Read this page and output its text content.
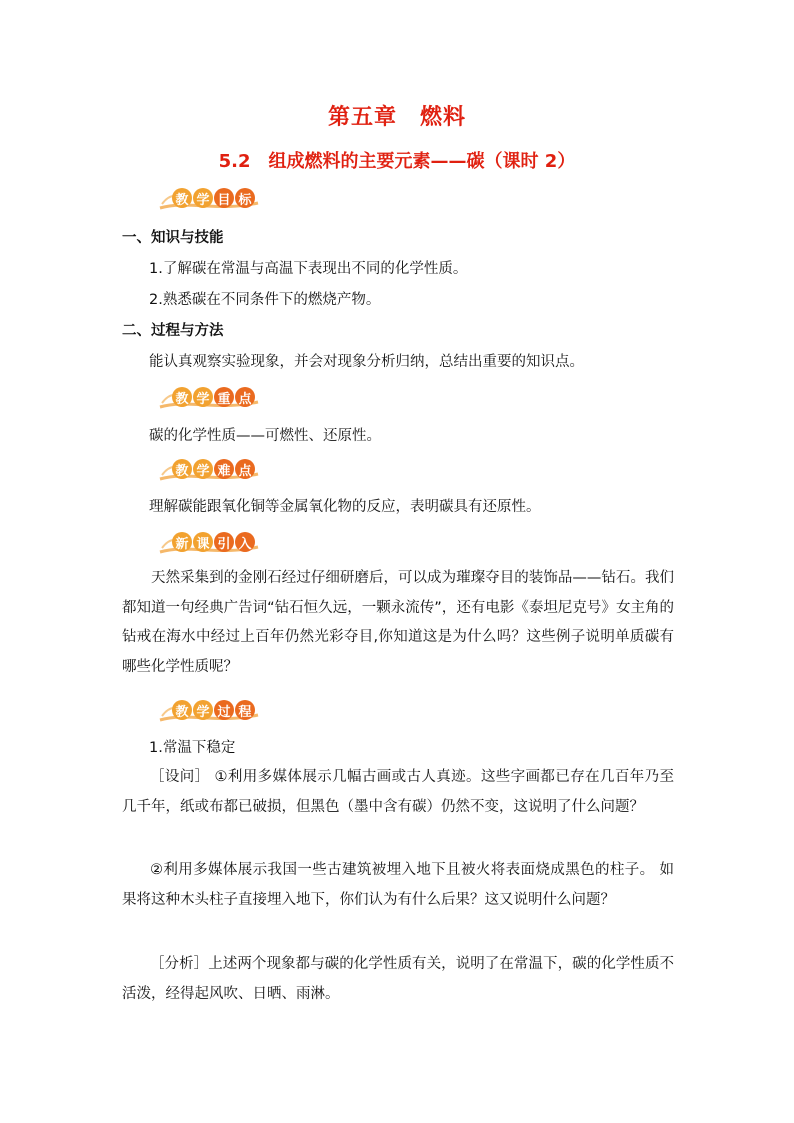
第五章　燃料
5.2　组成燃料的主要元素——碳（课时 2）
教 学 目 标
一、知识与技能
1.了解碳在常温与高温下表现出不同的化学性质。
2.熟悉碳在不同条件下的燃烧产物。
二、过程与方法
能认真观察实验现象，并会对现象分析归纳，总结出重要的知识点。
教 学 重 点
碳的化学性质——可燃性、还原性。
教 学 难 点
理解碳能跟氧化铜等金属氧化物的反应，表明碳具有还原性。
新 课 引 入
天然采集到的金刚石经过仔细研磨后，可以成为璀璨夺目的装饰品——钻石。我们都知道一句经典广告词“钻石恒久远，一颗永流传”，还有电影《泰坦尼克号》女主角的钻戒在海水中经过上百年仍然光彩夺目,你知道这是为什么吗？这些例子说明单质碳有哪些化学性质呢？
教 学 过 程
1.常温下稳定
［设问］ ①利用多媒体展示几幅古画或古人真迹。这些字画都已存在几百年乃至几千年，纸或布都已破损，但黑色（墨中含有碳）仍然不变，这说明了什么问题？
②利用多媒体展示我国一些古建筑被埋入地下且被火将表面烧成黑色的柱子。 如果将这种木头柱子直接埋入地下，你们认为有什么后果？这又说明什么问题？
［分析］上述两个现象都与碳的化学性质有关，说明了在常温下，碳的化学性质不活泼，经得起风吹、日晒、雨淋。
